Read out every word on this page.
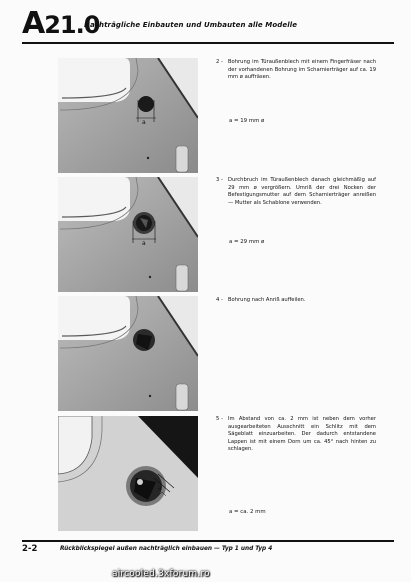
A21.0
Nachträgliche Einbauten und Umbauten alle Modelle
a
a
a
2 - Bohrung im Türaußenblech mit einem Fingerfräser nach der vorhandenen Bohrung im Scharnierträger auf ca. 19 mm ø auffräsen.
a = 19 mm ø
3 - Durchbruch im Türaußenblech danach gleichmäßig auf 29 mm ø vergrößern. Umriß der drei Nocken der Befestigungsmutter auf dem Scharnierträger anreißen — Mutter als Schablone verwenden.
a = 29 mm ø
4 - Bohrung nach Anriß auffeilen.
5 - Im Abstand von ca. 2 mm ist neben dem vorher ausgearbeiteten Ausschnitt ein Schlitz mit dem Sägeblatt einzuarbeiten. Der dadurch entstandene Lappen ist mit einem Dorn um ca. 45° nach hinten zu schlagen.
a = ca. 2 mm
2-2	Rückblickspiegel außen nachträglich einbauen — Typ 1 und Typ 4
aircooled.3xforum.ro
